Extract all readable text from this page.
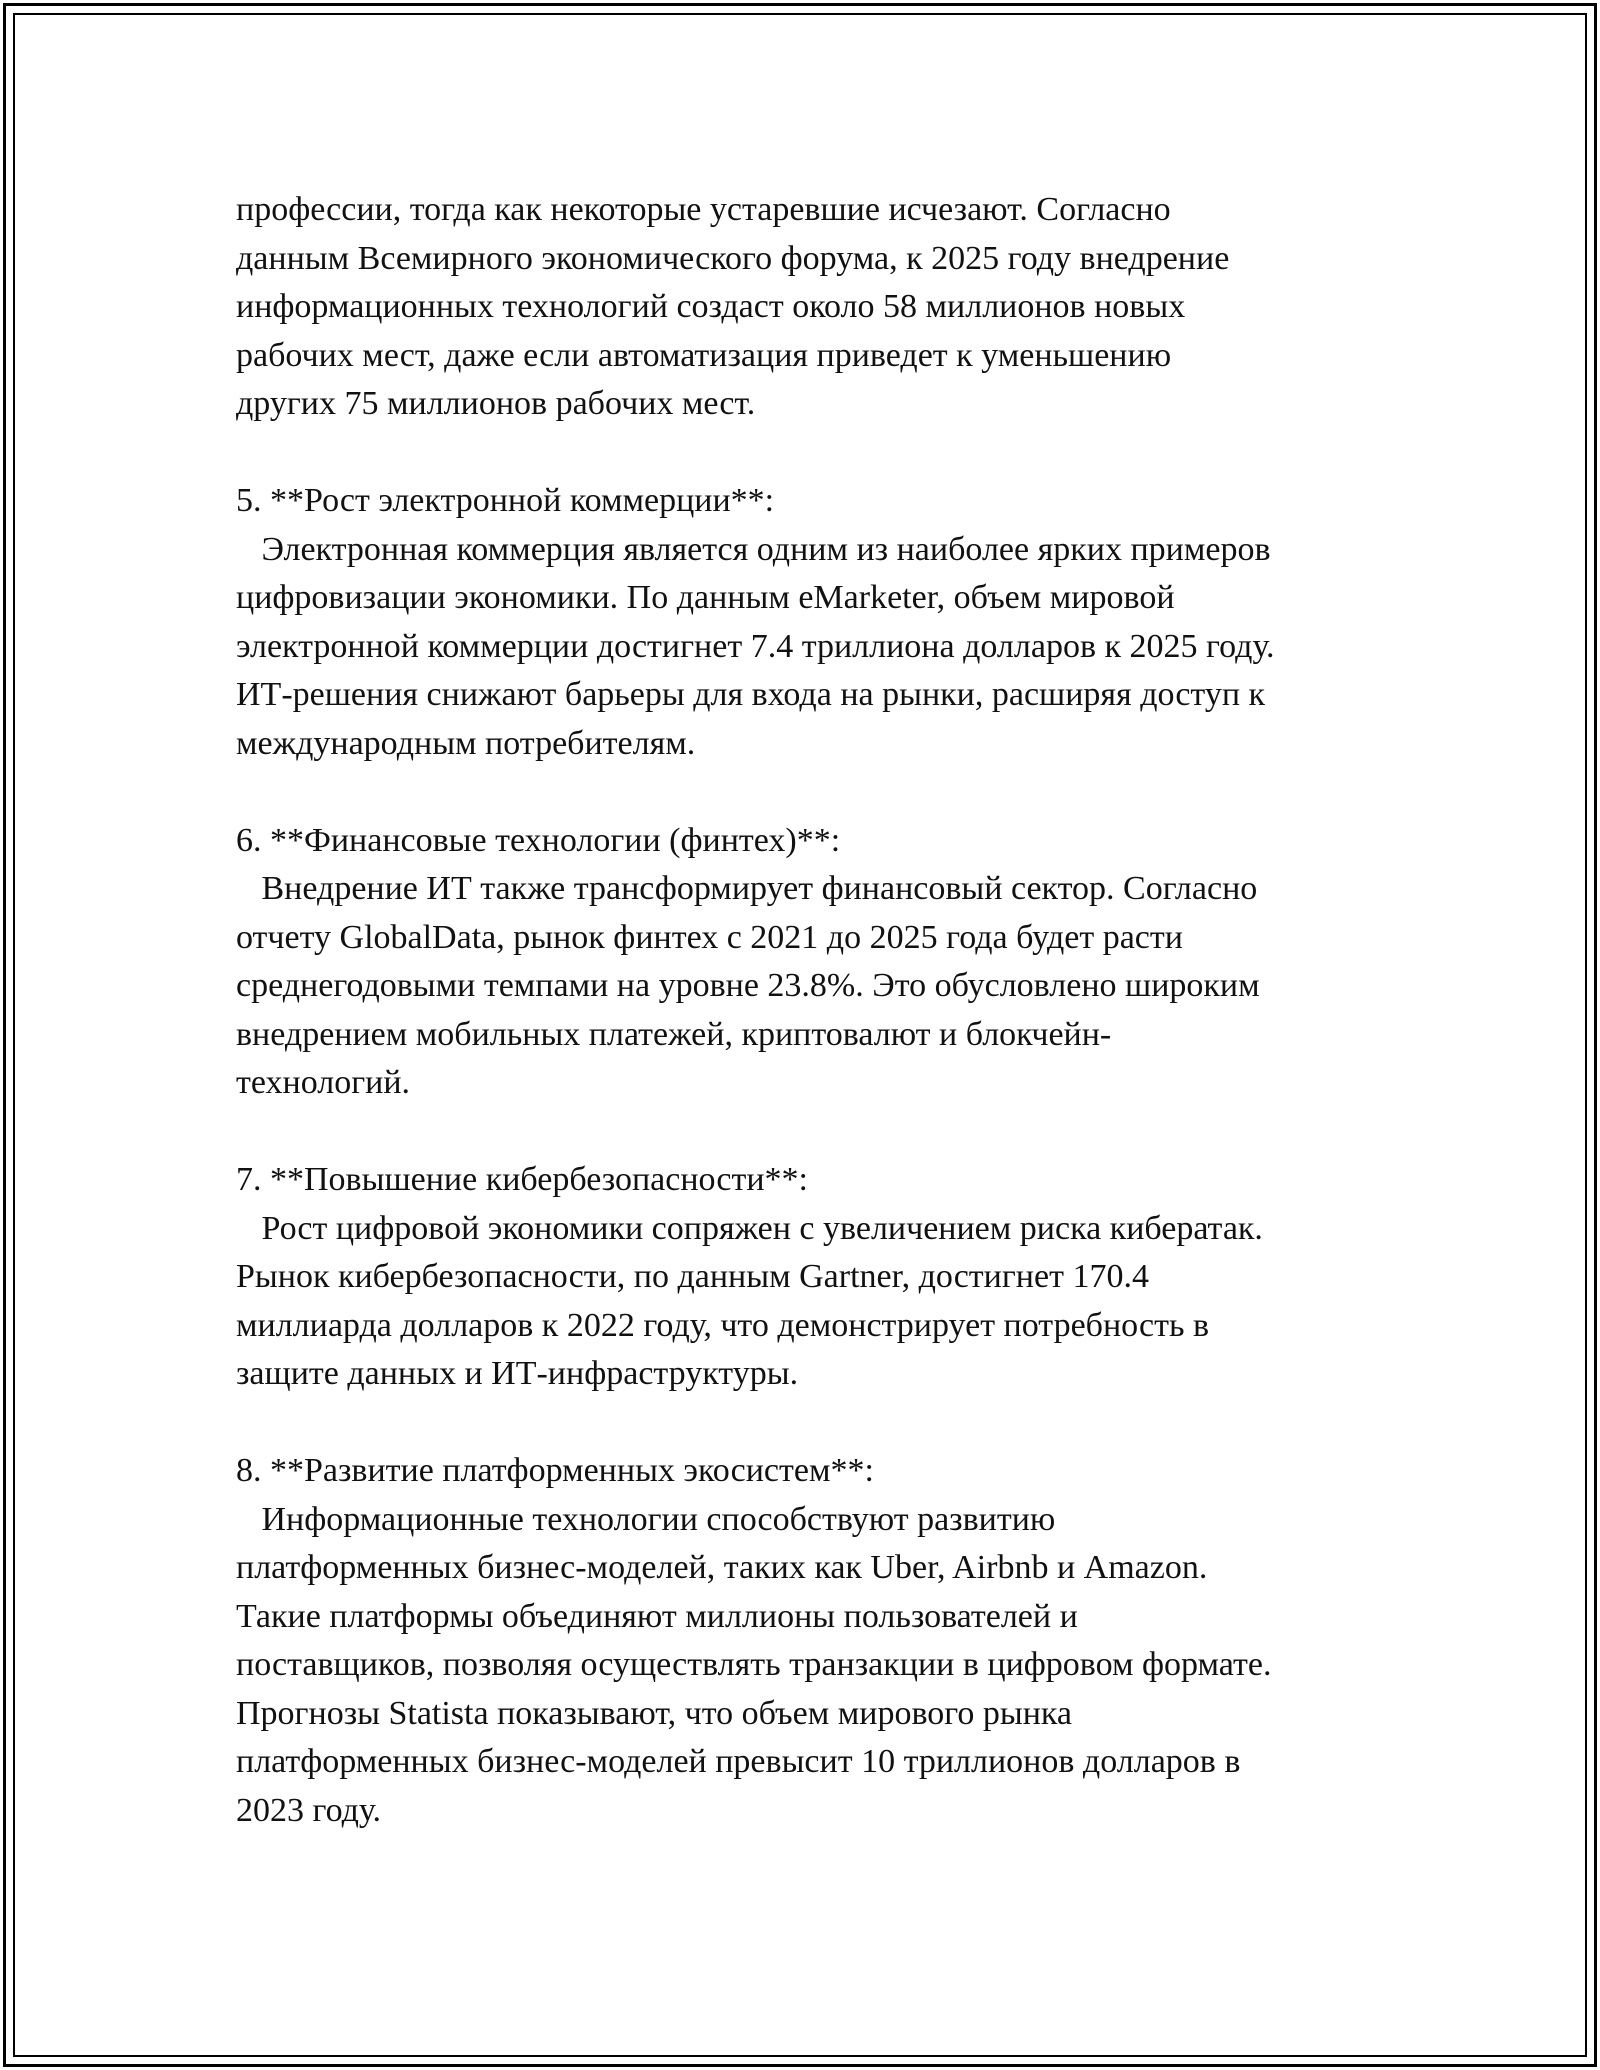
профессии, тогда как некоторые устаревшие исчезают. Согласно
данным Всемирного экономического форума, к 2025 году внедрение
информационных технологий создаст около 58 миллионов новых
рабочих мест, даже если автоматизация приведет к уменьшению
других 75 миллионов рабочих мест.
5. **Рост электронной коммерции**:
Электронная коммерция является одним из наиболее ярких примеров
цифровизации экономики. По данным eMarketer, объем мировой
электронной коммерции достигнет 7.4 триллиона долларов к 2025 году.
ИТ-решения снижают барьеры для входа на рынки, расширяя доступ к
международным потребителям.
6. **Финансовые технологии (финтех)**:
Внедрение ИТ также трансформирует финансовый сектор. Согласно
отчету GlobalData, рынок финтех с 2021 до 2025 года будет расти
среднегодовыми темпами на уровне 23.8%. Это обусловлено широким
внедрением мобильных платежей, криптовалют и блокчейн-
технологий.
7. **Повышение кибербезопасности**:
Рост цифровой экономики сопряжен с увеличением риска кибератак.
Рынок кибербезопасности, по данным Gartner, достигнет 170.4
миллиарда долларов к 2022 году, что демонстрирует потребность в
защите данных и ИТ-инфраструктуры.
8. **Развитие платформенных экосистем**:
Информационные технологии способствуют развитию
платформенных бизнес-моделей, таких как Uber, Airbnb и Amazon.
Такие платформы объединяют миллионы пользователей и
поставщиков, позволяя осуществлять транзакции в цифровом формате.
Прогнозы Statista показывают, что объем мирового рынка
платформенных бизнес-моделей превысит 10 триллионов долларов в
2023 году.
